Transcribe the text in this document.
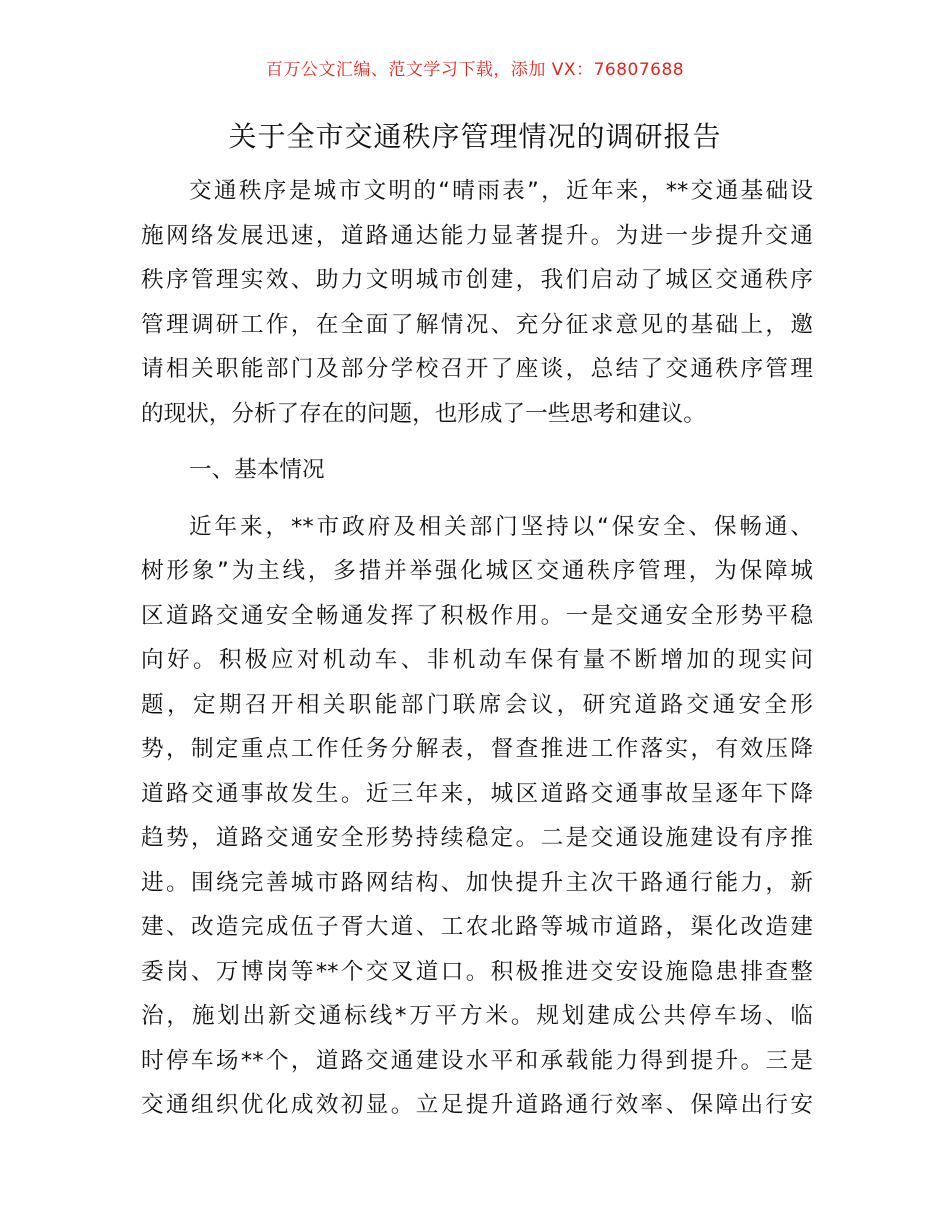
百万公文汇编、范文学习下载，添加 VX：76807688
关于全市交通秩序管理情况的调研报告
交通秩序是城市文明的“晴雨表”，近年来，**交通基础设
施网络发展迅速，道路通达能力显著提升。为进一步提升交通
秩序管理实效、助力文明城市创建，我们启动了城区交通秩序
管理调研工作，在全面了解情况、充分征求意见的基础上，邀
请相关职能部门及部分学校召开了座谈，总结了交通秩序管理
的现状，分析了存在的问题，也形成了一些思考和建议。
一、基本情况
近年来，**市政府及相关部门坚持以“保安全、保畅通、
树形象”为主线，多措并举强化城区交通秩序管理，为保障城
区道路交通安全畅通发挥了积极作用。一是交通安全形势平稳
向好。积极应对机动车、非机动车保有量不断增加的现实问
题，定期召开相关职能部门联席会议，研究道路交通安全形
势，制定重点工作任务分解表，督查推进工作落实，有效压降
道路交通事故发生。近三年来，城区道路交通事故呈逐年下降
趋势，道路交通安全形势持续稳定。二是交通设施建设有序推
进。围绕完善城市路网结构、加快提升主次干路通行能力，新
建、改造完成伍子胥大道、工农北路等城市道路，渠化改造建
委岗、万博岗等**个交叉道口。积极推进交安设施隐患排查整
治，施划出新交通标线*万平方米。规划建成公共停车场、临
时停车场**个，道路交通建设水平和承载能力得到提升。三是
交通组织优化成效初显。立足提升道路通行效率、保障出行安
